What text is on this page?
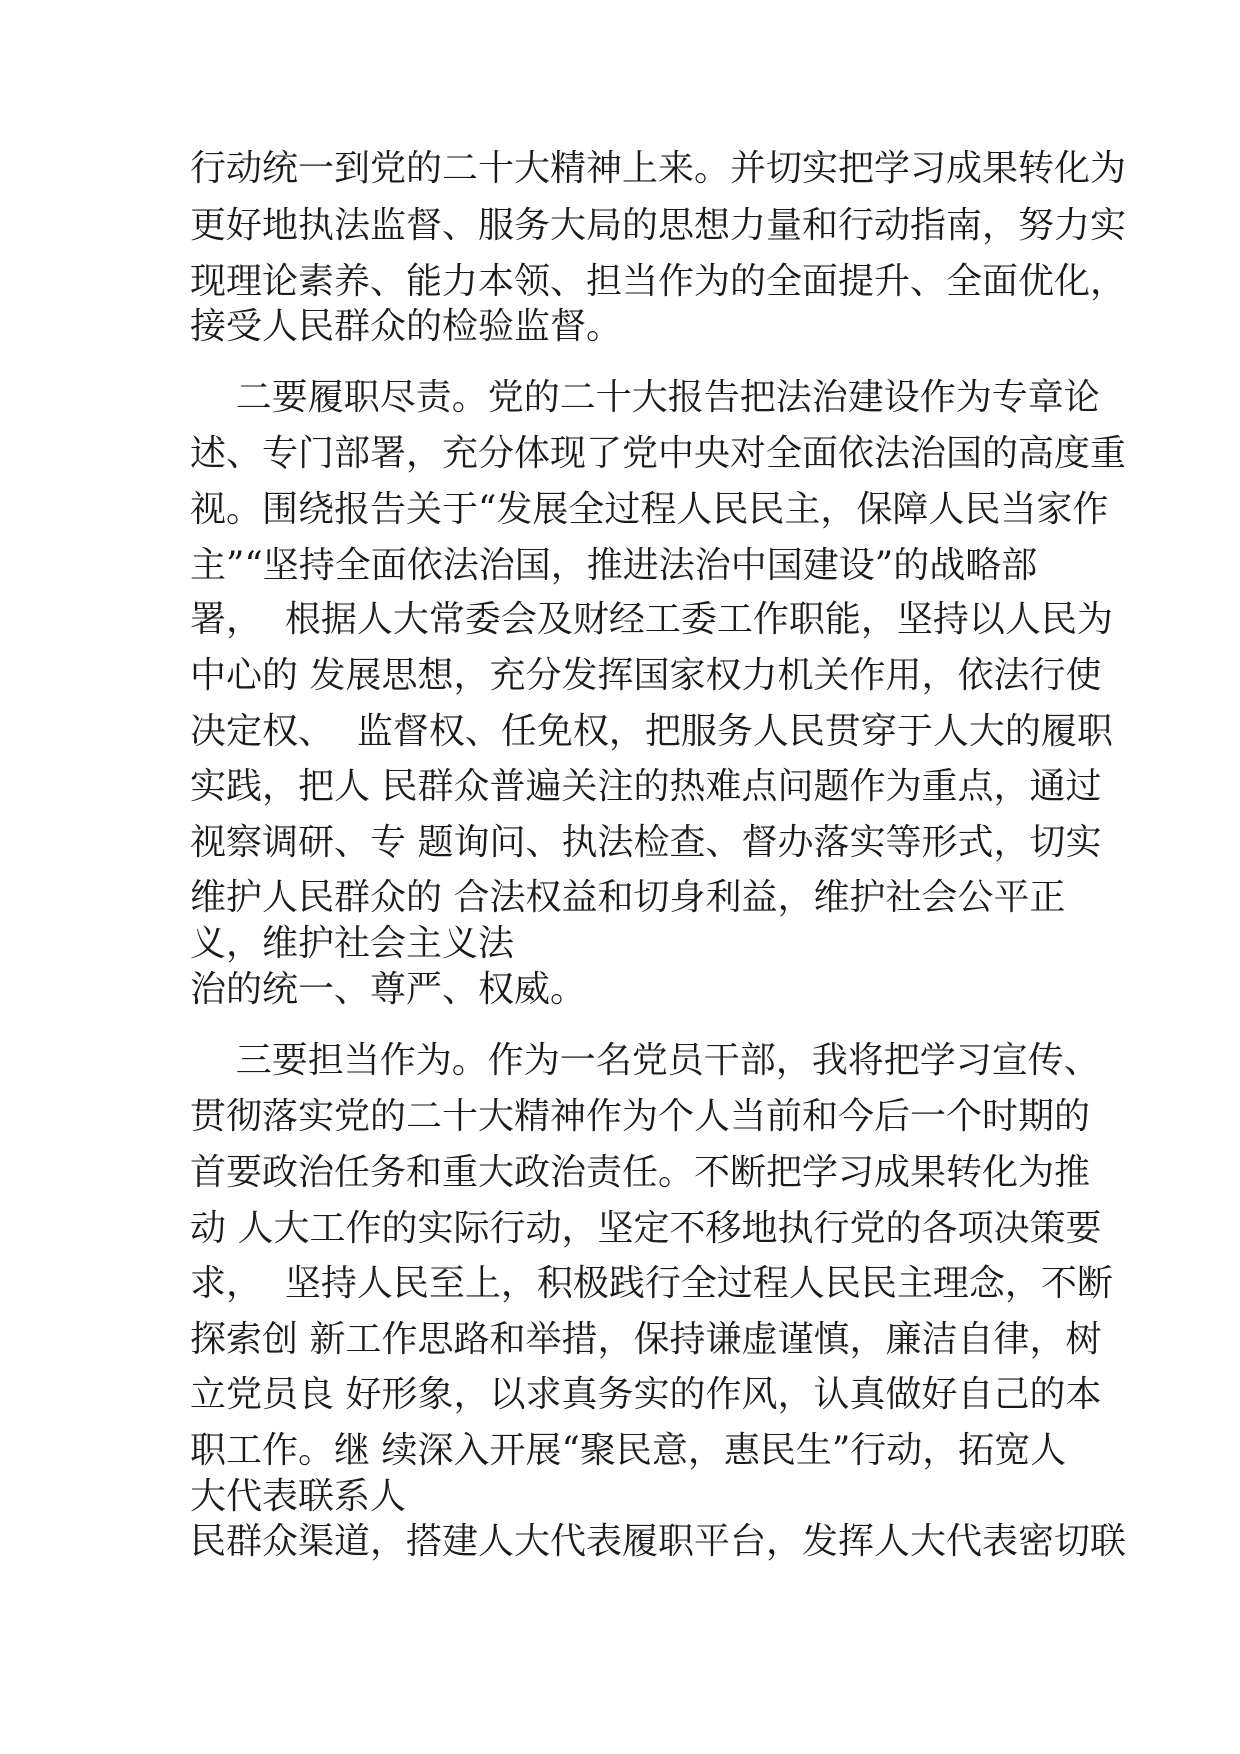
行动统一到党的二十大精神上来。并切实把学习成果转化为
更好地执法监督、服务大局的思想力量和行动指南，努力实
现理论素养、能力本领、担当作为的全面提升、全面优化，
接受人民群众的检验监督。
二要履职尽责。党的二十大报告把法治建设作为专章论
述、专门部署，充分体现了党中央对全面依法治国的高度重
视。围绕报告关于“发展全过程人民民主，保障人民当家作
主”“坚持全面依法治国，推进法治中国建设”的战略部
署，  根据人大常委会及财经工委工作职能，坚持以人民为
中心的 发展思想，充分发挥国家权力机关作用，依法行使
决定权、  监督权、任免权，把服务人民贯穿于人大的履职
实践，把人 民群众普遍关注的热难点问题作为重点，通过
视察调研、专 题询问、执法检查、督办落实等形式，切实
维护人民群众的 合法权益和切身利益，维护社会公平正
义，维护社会主义法
治的统一、尊严、权威。
三要担当作为。作为一名党员干部，我将把学习宣传、
贯彻落实党的二十大精神作为个人当前和今后一个时期的
首要政治任务和重大政治责任。不断把学习成果转化为推
动 人大工作的实际行动，坚定不移地执行党的各项决策要
求，  坚持人民至上，积极践行全过程人民民主理念，不断
探索创 新工作思路和举措，保持谦虚谨慎，廉洁自律，树
立党员良 好形象，以求真务实的作风，认真做好自己的本
职工作。继 续深入开展“聚民意，惠民生”行动，拓宽人
大代表联系人
民群众渠道，搭建人大代表履职平台，发挥人大代表密切联
